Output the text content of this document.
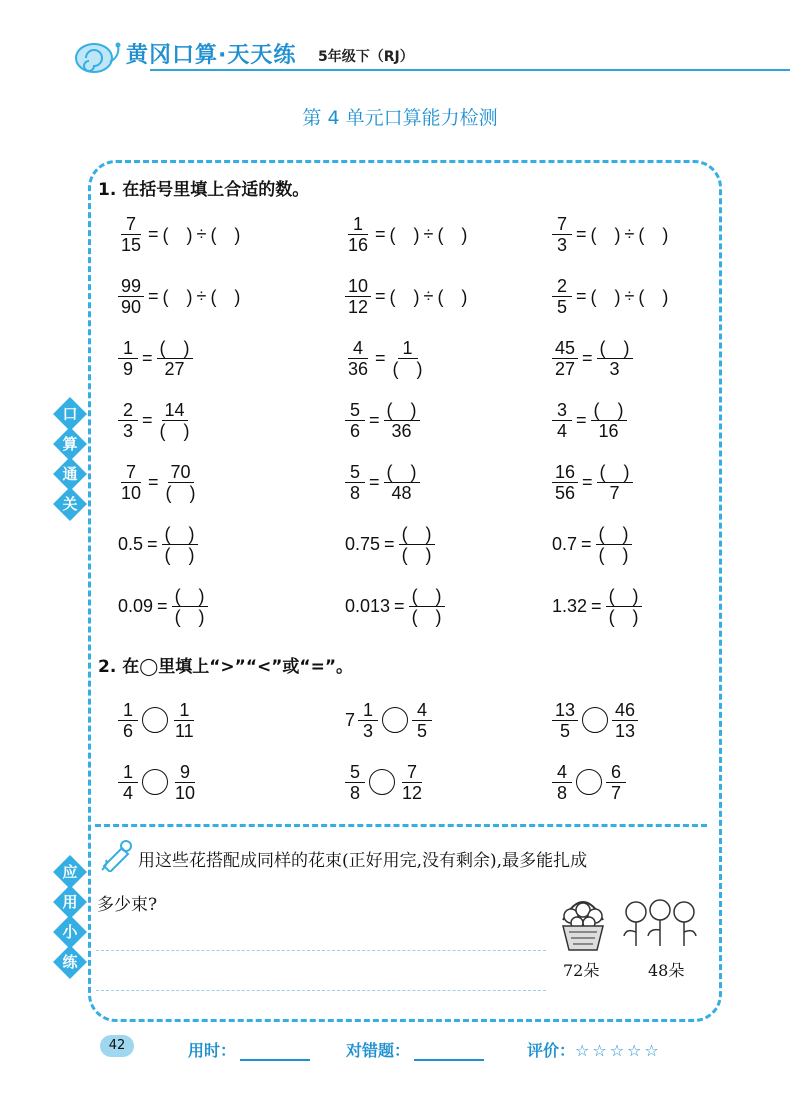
黄冈口算·天天练 5年级下（RJ）
第 4 单元口算能力检测
口
算
通
关
应
用
小
练
1. 在括号里填上合适的数。
$\frac{7}{15}$ = (　) ÷ (　)	$\frac{1}{16}$ = (　) ÷ (　)	$\frac{7}{3}$ = (　) ÷ (　)
$\frac{99}{90}$ = (　) ÷ (　)	$\frac{10}{12}$ = (　) ÷ (　)	$\frac{2}{5}$ = (　) ÷ (　)
$\frac{1}{9} = \frac{( )}{27}$	$\frac{4}{36} = \frac{1}{( )}$	$\frac{45}{27} = \frac{( )}{3}$
$\frac{2}{3} = \frac{14}{( )}$	$\frac{5}{6} = \frac{( )}{36}$	$\frac{3}{4} = \frac{( )}{16}$
$\frac{7}{10} = \frac{70}{( )}$	$\frac{5}{8} = \frac{( )}{48}$	$\frac{16}{56} = \frac{( )}{7}$
$0.5 = \frac{( )}{( )}$	$0.75 = \frac{( )}{( )}$	$0.7 = \frac{( )}{( )}$
$0.09 = \frac{( )}{( )}$	$0.013 = \frac{( )}{( )}$	$1.32 = \frac{( )}{( )}$
2. 在◯里填上“>”“<”或“=”。
$\frac{1}{6} \frac{1}{11}$	$7 \frac{1}{3} \frac{4}{5}$	$\frac{13}{5} \frac{46}{13}$
$\frac{1}{4} \frac{9}{10}$	$\frac{5}{8} \frac{7}{12}$	$\frac{4}{8} \frac{6}{7}$
用这些花搭配成同样的花束(正好用完,没有剩余),最多能扎成
多少束?
72朵	48朵
42	用时：	对错题：	评价：☆☆☆☆☆
